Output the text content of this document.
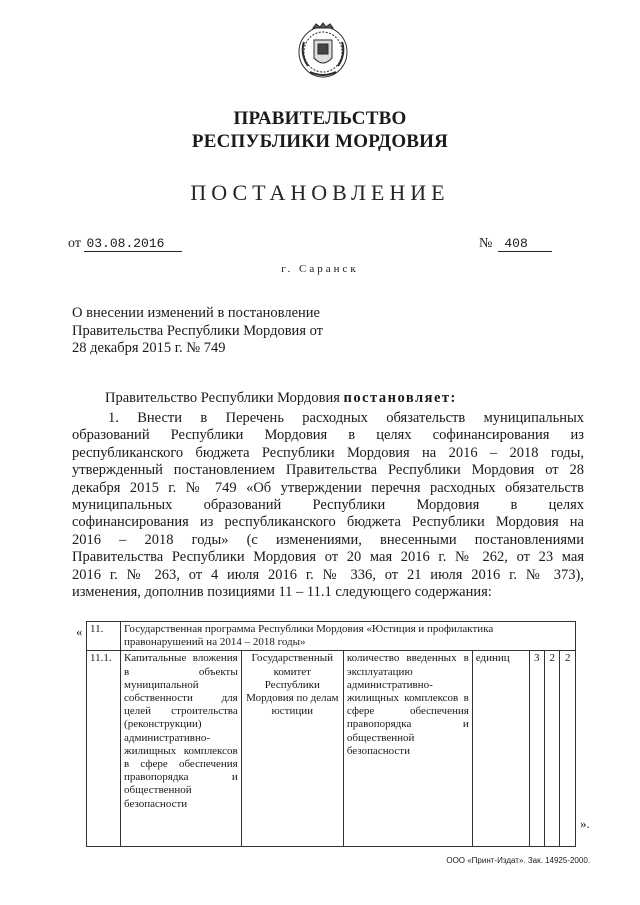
ПРАВИТЕЛЬСТВО
РЕСПУБЛИКИ МОРДОВИЯ
ПОСТАНОВЛЕНИЕ
от 03.08.2016	№ 408
г. Саранск
О внесении изменений в постановление
Правительства Республики Мордовия от
28 декабря 2015 г. № 749
Правительство Республики Мордовия постановляет:
1. Внести в Перечень расходных обязательств муниципальных
образований Республики Мордовия в целях софинансирования из
республиканского бюджета Республики Мордовия на 2016 – 2018 годы,
утвержденный постановлением Правительства Республики Мордовия от 28
декабря 2015 г. № 749 «Об утверждении перечня расходных обязательств
муниципальных образований Республики Мордовия в целях
софинансирования из республиканского бюджета Республики Мордовия на
2016 – 2018 годы» (с изменениями, внесенными постановлениями
Правительства Республики Мордовия от 20 мая 2016 г. № 262, от 23 мая
2016 г. № 263, от 4 июля 2016 г. № 336, от 21 июля 2016 г. № 373),
изменения, дополнив позициями 11 – 11.1 следующего содержания:
« 11.	Государственная программа Республики Мордовия «Юстиция и профилактика правонарушений на 2014 – 2018 годы»						
11.1.	Капитальные вложения в объекты муниципальной собственности для целей строительства (реконструкции) административно-жилищных комплексов в сфере обеспечения правопорядка и общественной безопасности	Государственный комитет Республики Мордовия по делам юстиции	количество введенных в эксплуатацию административно-жилищных комплексов в сфере обеспечения правопорядка и общественной безопасности	единиц	3	2	2
».
ООО «Принт-Издат». Зак. 14925-2000.
